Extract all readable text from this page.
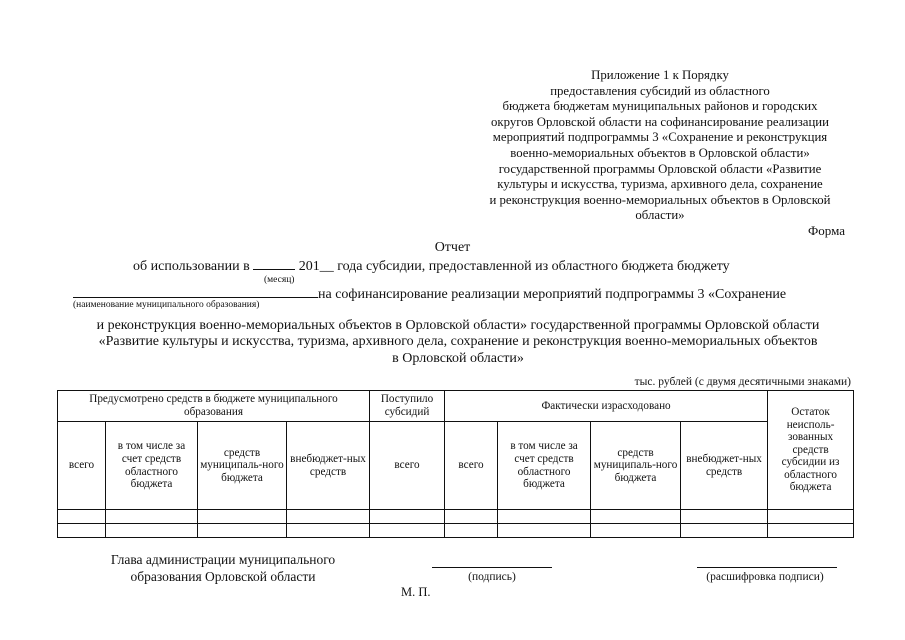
Приложение 1 к Порядку
предоставления субсидий из областного
бюджета бюджетам муниципальных районов и городских
округов Орловской области на софинансирование реализации
мероприятий подпрограммы 3 «Сохранение и реконструкция
военно-мемориальных объектов в Орловской области»
государственной программы Орловской области «Развитие
культуры и искусства, туризма, архивного дела, сохранение
и реконструкция военно-мемориальных объектов в Орловской
области»
Форма
Отчет
об использовании в	201__ года субсидии, предоставленной из областного бюджета бюджету
(месяц)
на софинансирование реализации мероприятий подпрограммы 3 «Сохранение
(наименование муниципального образования)
и реконструкция военно-мемориальных объектов в Орловской области» государственной программы Орловской области
«Развитие культуры и искусства, туризма, архивного дела, сохранение и реконструкция военно-мемориальных объектов
в Орловской области»
тыс. рублей (с двумя десятичными знаками)
Предусмотрено средств в бюджете муниципального образования				Поступило субсидий	Фактически израсходовано				Остаток неисполь-зованных средств субсидии из областного бюджета
всего	в том числе за счет средств областного бюджета	средств муниципаль-ного бюджета	внебюджет-ных средств	всего	всего	в том числе за счет средств областного бюджета	средств муниципаль-ного бюджета	внебюджет-ных средств	

Глава администрации муниципального
образования Орловской области	(подпись)	(расшифровка подписи)
М. П.
